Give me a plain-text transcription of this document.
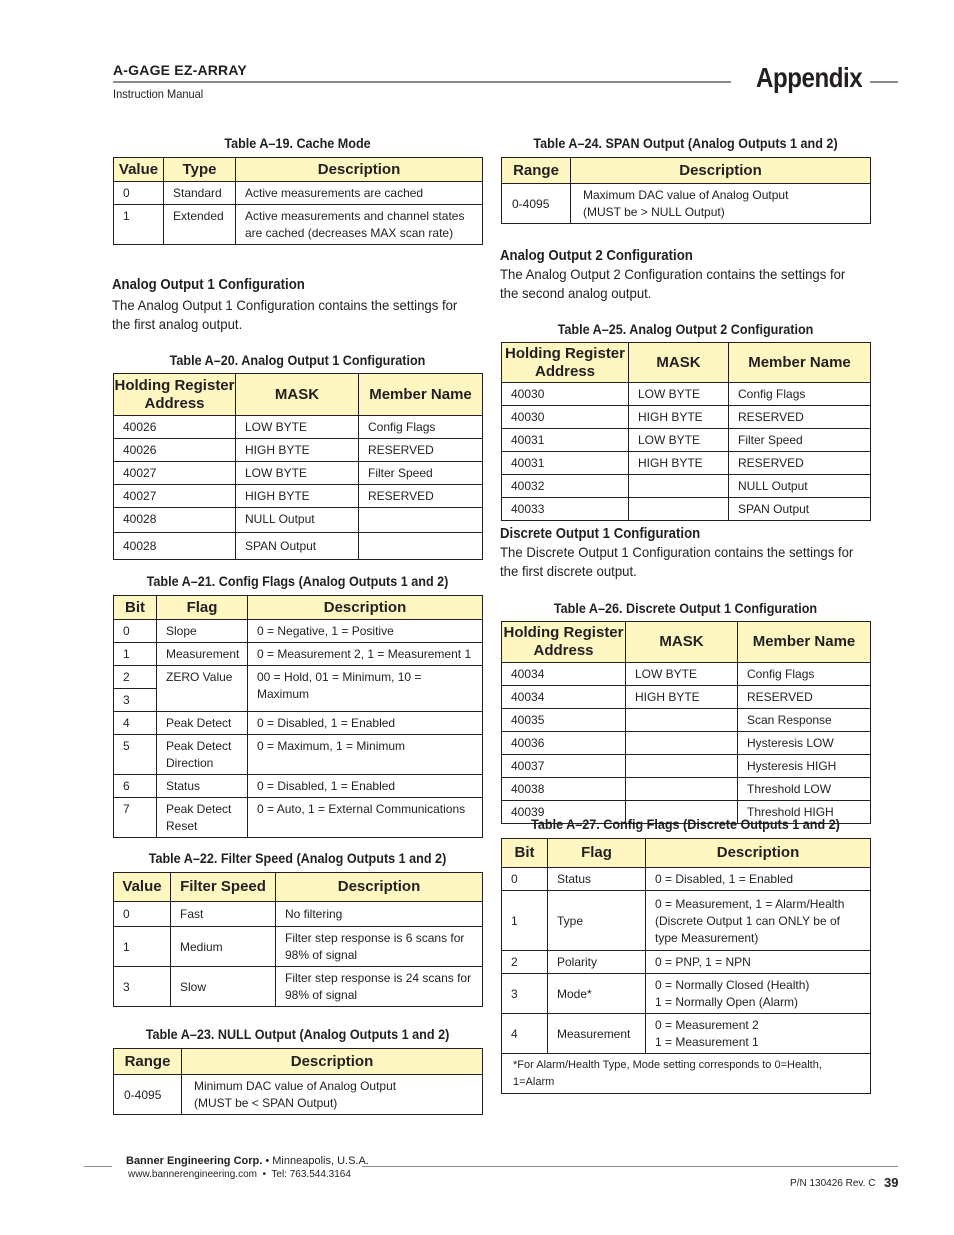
A-GAGE EZ-ARRAY
Instruction Manual
Appendix
Table A–19. Cache Mode
Value	Type	Description
0	Standard	Active measurements are cached
1	Extended	Active measurements and channel states are cached (decreases MAX scan rate)
Analog Output 1 Configuration
The Analog Output 1 Configuration contains the settings for the first analog output.
Table A–20. Analog Output 1 Configuration
Holding Register Address	MASK	Member Name
40026	LOW BYTE	Config Flags
40026	HIGH BYTE	RESERVED
40027	LOW BYTE	Filter Speed
40027	HIGH BYTE	RESERVED
40028	NULL Output	
40028	SPAN Output	
Table A–21. Config Flags (Analog Outputs 1 and 2)
Bit	Flag	Description
0	Slope	0 = Negative, 1 = Positive
1	Measurement	0 = Measurement 2, 1 = Measurement 1
2	ZERO Value	00 = Hold, 01 = Minimum, 10 = Maximum
3		
4	Peak Detect	0 = Disabled, 1 = Enabled
5	Peak Detect Direction	0 = Maximum, 1 = Minimum
6	Status	0 = Disabled, 1 = Enabled
7	Peak Detect Reset	0 = Auto, 1 = External Communications
Table A–22. Filter Speed (Analog Outputs 1 and 2)
Value	Filter Speed	Description
0	Fast	No filtering
1	Medium	Filter step response is 6 scans for 98% of signal
3	Slow	Filter step response is 24 scans for 98% of signal
Table A–23. NULL Output (Analog Outputs 1 and 2)
Range	Description
0-4095	Minimum DAC value of Analog Output (MUST be < SPAN Output)
Table A–24. SPAN Output (Analog Outputs 1 and 2)
Range	Description
0-4095	Maximum DAC value of Analog Output (MUST be > NULL Output)
Analog Output 2 Configuration
The Analog Output 2 Configuration contains the settings for the second analog output.
Table A–25. Analog Output 2 Configuration
Holding Register Address	MASK	Member Name
40030	LOW BYTE	Config Flags
40030	HIGH BYTE	RESERVED
40031	LOW BYTE	Filter Speed
40031	HIGH BYTE	RESERVED
40032		NULL Output
40033		SPAN Output
Discrete Output 1 Configuration
The Discrete Output 1 Configuration contains the settings for the first discrete output.
Table A–26. Discrete Output 1 Configuration
Holding Register Address	MASK	Member Name
40034	LOW BYTE	Config Flags
40034	HIGH BYTE	RESERVED
40035		Scan Response
40036		Hysteresis LOW
40037		Hysteresis HIGH
40038		Threshold LOW
40039		Threshold HIGH
Table A–27. Config Flags (Discrete Outputs 1 and 2)
Bit	Flag	Description
0	Status	0 = Disabled, 1 = Enabled
1	Type	0 = Measurement, 1 = Alarm/Health (Discrete Output 1 can ONLY be of type Measurement)
2	Polarity	0 = PNP, 1 = NPN
3	Mode*	0 = Normally Closed (Health)
1 = Normally Open (Alarm)
4	Measurement	0 = Measurement 2
1 = Measurement 1
*For Alarm/Health Type, Mode setting corresponds to 0=Health, 1=Alarm		
Banner Engineering Corp. • Minneapolis, U.S.A.
www.bannerengineering.com  •  Tel: 763.544.3164
P/N 130426 Rev. C 39
